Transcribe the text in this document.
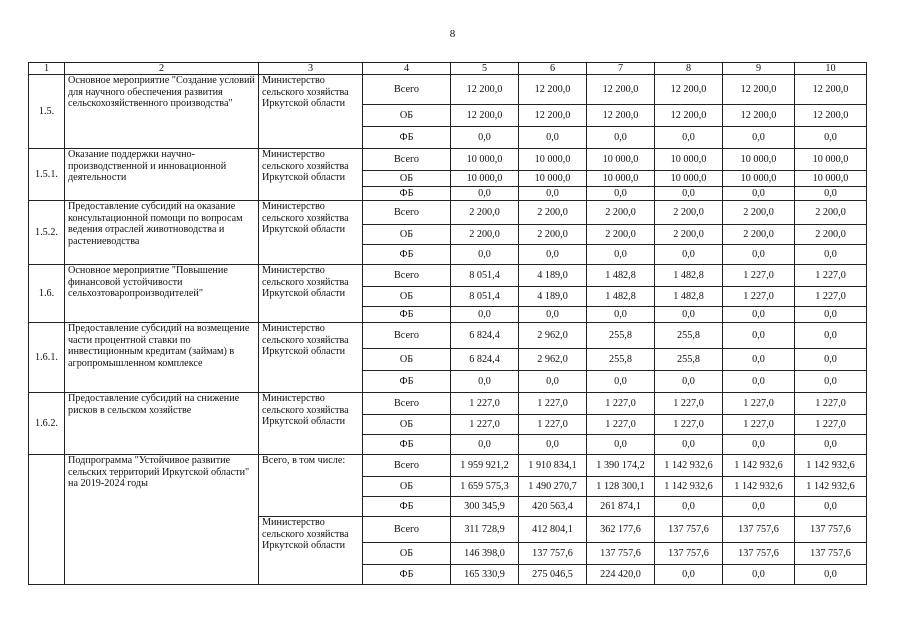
8
1	2	3	4	5	6	7	8	9	10
1.5.	Основное мероприятие "Создание условий для научного обеспечения развития сельскохозяйственного производства"	Министерство сельского хозяйства Иркутской области	Всего	12 200,0	12 200,0	12 200,0	12 200,0	12 200,0	12 200,0
			ОБ	12 200,0	12 200,0	12 200,0	12 200,0	12 200,0	12 200,0
			ФБ	0,0	0,0	0,0	0,0	0,0	0,0
1.5.1.	Оказание поддержки научно-производственной и инновационной деятельности	Министерство сельского хозяйства Иркутской области	Всего	10 000,0	10 000,0	10 000,0	10 000,0	10 000,0	10 000,0
			ОБ	10 000,0	10 000,0	10 000,0	10 000,0	10 000,0	10 000,0
			ФБ	0,0	0,0	0,0	0,0	0,0	0,0
1.5.2.	Предоставление субсидий на оказание консультационной помощи по вопросам ведения отраслей животноводства и растениеводства	Министерство сельского хозяйства Иркутской области	Всего	2 200,0	2 200,0	2 200,0	2 200,0	2 200,0	2 200,0
			ОБ	2 200,0	2 200,0	2 200,0	2 200,0	2 200,0	2 200,0
			ФБ	0,0	0,0	0,0	0,0	0,0	0,0
1.6.	Основное мероприятие "Повышение финансовой устойчивости сельхозтоваропроизводителей"	Министерство сельского хозяйства Иркутской области	Всего	8 051,4	4 189,0	1 482,8	1 482,8	1 227,0	1 227,0
			ОБ	8 051,4	4 189,0	1 482,8	1 482,8	1 227,0	1 227,0
			ФБ	0,0	0,0	0,0	0,0	0,0	0,0
1.6.1.	Предоставление субсидий на возмещение части процентной ставки по инвестиционным кредитам (займам) в агропромышленном комплексе	Министерство сельского хозяйства Иркутской области	Всего	6 824,4	2 962,0	255,8	255,8	0,0	0,0
			ОБ	6 824,4	2 962,0	255,8	255,8	0,0	0,0
			ФБ	0,0	0,0	0,0	0,0	0,0	0,0
1.6.2.	Предоставление субсидий на снижение рисков в сельском хозяйстве	Министерство сельского хозяйства Иркутской области	Всего	1 227,0	1 227,0	1 227,0	1 227,0	1 227,0	1 227,0
			ОБ	1 227,0	1 227,0	1 227,0	1 227,0	1 227,0	1 227,0
			ФБ	0,0	0,0	0,0	0,0	0,0	0,0
	Подпрограмма "Устойчивое развитие сельских территорий Иркутской области" на 2019-2024 годы	Всего, в том числе:	Всего	1 959 921,2	1 910 834,1	1 390 174,2	1 142 932,6	1 142 932,6	1 142 932,6
			ОБ	1 659 575,3	1 490 270,7	1 128 300,1	1 142 932,6	1 142 932,6	1 142 932,6
			ФБ	300 345,9	420 563,4	261 874,1	0,0	0,0	0,0
		Министерство сельского хозяйства Иркутской области	Всего	311 728,9	412 804,1	362 177,6	137 757,6	137 757,6	137 757,6
			ОБ	146 398,0	137 757,6	137 757,6	137 757,6	137 757,6	137 757,6
			ФБ	165 330,9	275 046,5	224 420,0	0,0	0,0	0,0
